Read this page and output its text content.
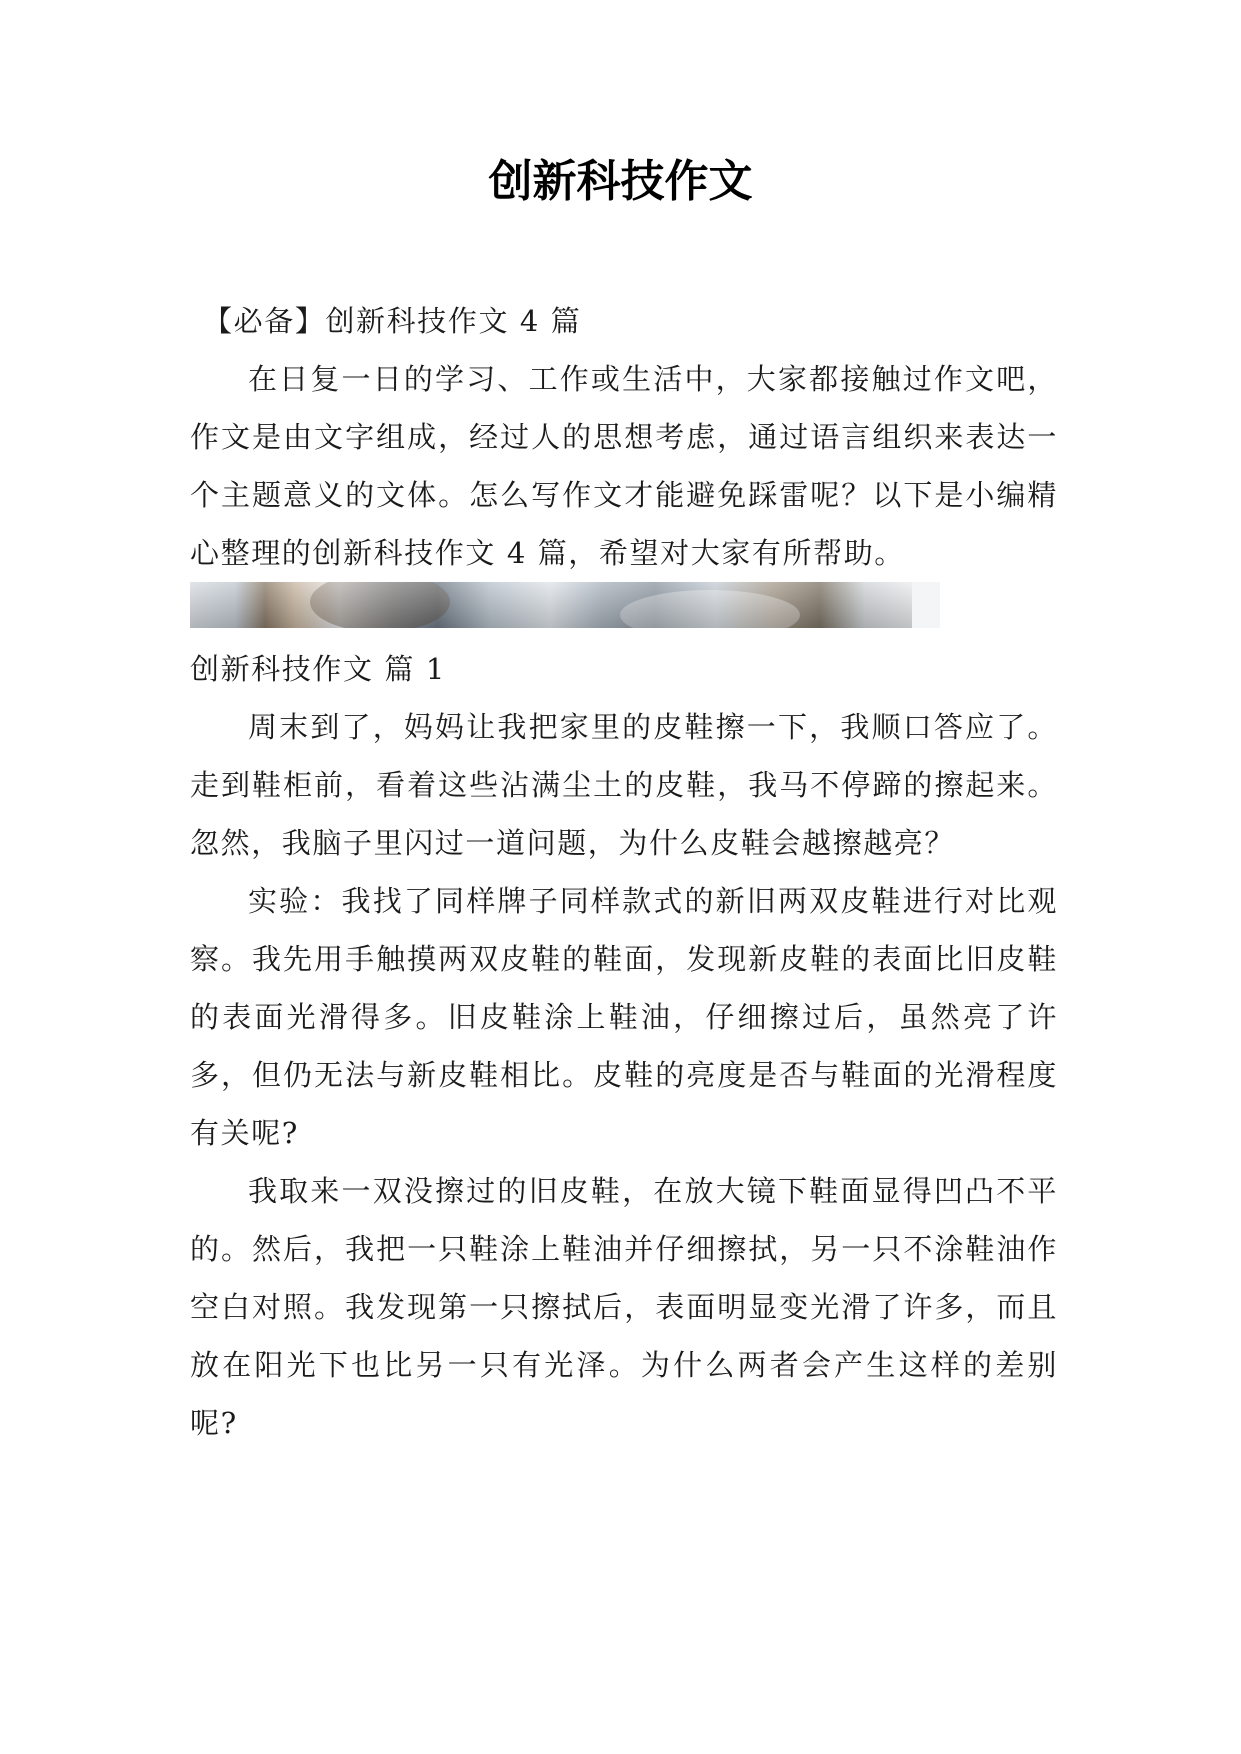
创新科技作文

【必备】创新科技作文 4 篇

在日复一日的学习、工作或生活中，大家都接触过作文吧，作文是由文字组成，经过人的思想考虑，通过语言组织来表达一个主题意义的文体。怎么写作文才能避免踩雷呢？以下是小编精心整理的创新科技作文 4 篇，希望对大家有所帮助。

创新科技作文 篇 1

周末到了，妈妈让我把家里的皮鞋擦一下，我顺口答应了。走到鞋柜前，看着这些沾满尘土的皮鞋，我马不停蹄的擦起来。忽然，我脑子里闪过一道问题，为什么皮鞋会越擦越亮？

实验：我找了同样牌子同样款式的新旧两双皮鞋进行对比观察。我先用手触摸两双皮鞋的鞋面，发现新皮鞋的表面比旧皮鞋的表面光滑得多。旧皮鞋涂上鞋油，仔细擦过后，虽然亮了许多，但仍无法与新皮鞋相比。皮鞋的亮度是否与鞋面的光滑程度有关呢?

我取来一双没擦过的旧皮鞋，在放大镜下鞋面显得凹凸不平的。然后，我把一只鞋涂上鞋油并仔细擦拭，另一只不涂鞋油作空白对照。我发现第一只擦拭后，表面明显变光滑了许多，而且放在阳光下也比另一只有光泽。为什么两者会产生这样的差别呢?
